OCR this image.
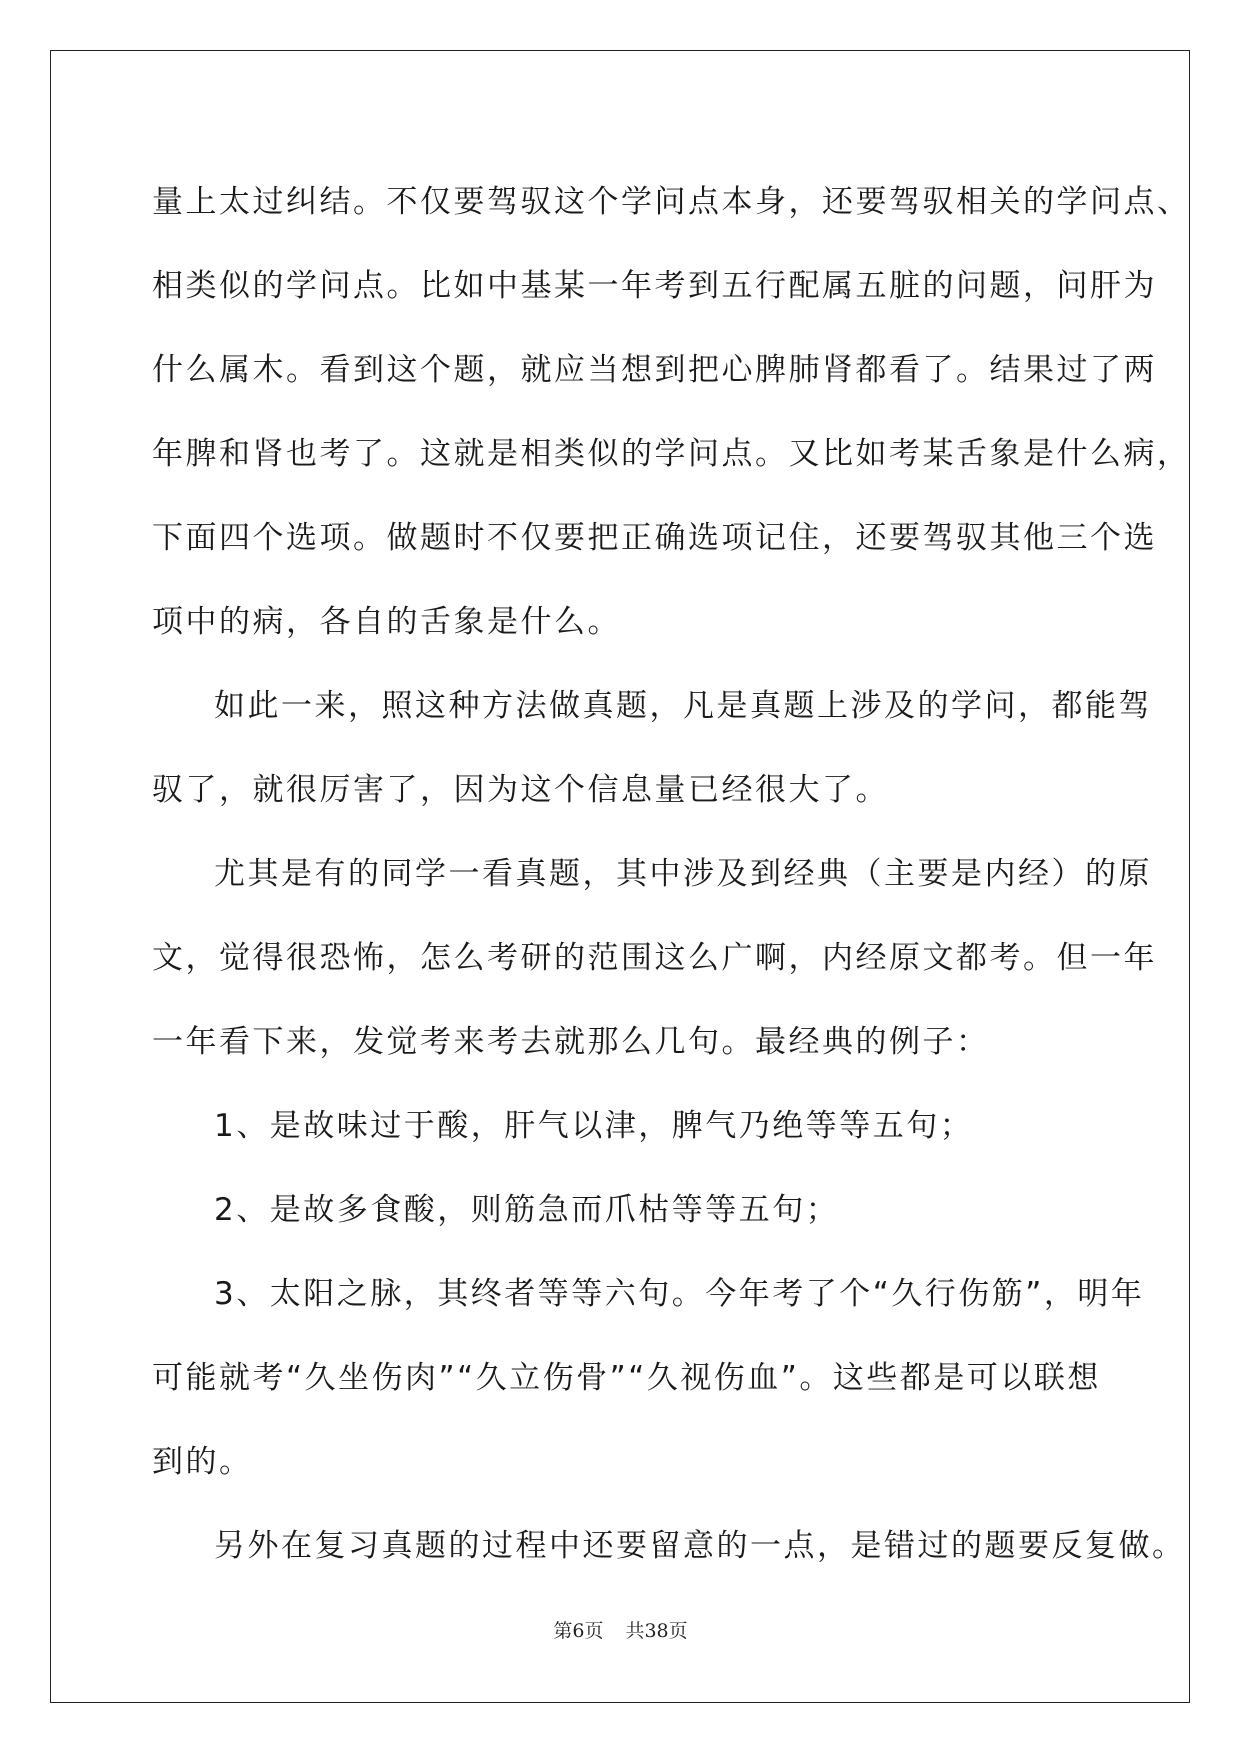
量上太过纠结。不仅要驾驭这个学问点本身，还要驾驭相关的学问点、

相类似的学问点。比如中基某一年考到五行配属五脏的问题，问肝为

什么属木。看到这个题，就应当想到把心脾肺肾都看了。结果过了两

年脾和肾也考了。这就是相类似的学问点。又比如考某舌象是什么病，

下面四个选项。做题时不仅要把正确选项记住，还要驾驭其他三个选

项中的病，各自的舌象是什么。

如此一来，照这种方法做真题，凡是真题上涉及的学问，都能驾

驭了，就很厉害了，因为这个信息量已经很大了。

尤其是有的同学一看真题，其中涉及到经典（主要是内经）的原

文，觉得很恐怖，怎么考研的范围这么广啊，内经原文都考。但一年

一年看下来，发觉考来考去就那么几句。最经典的例子：

1、是故味过于酸，肝气以津，脾气乃绝等等五句；

2、是故多食酸，则筋急而爪枯等等五句；

3、太阳之脉，其终者等等六句。今年考了个“久行伤筋”，明年

可能就考“久坐伤肉”“久立伤骨”“久视伤血”。这些都是可以联想

到的。

另外在复习真题的过程中还要留意的一点，是错过的题要反复做。

第6页 共38页
